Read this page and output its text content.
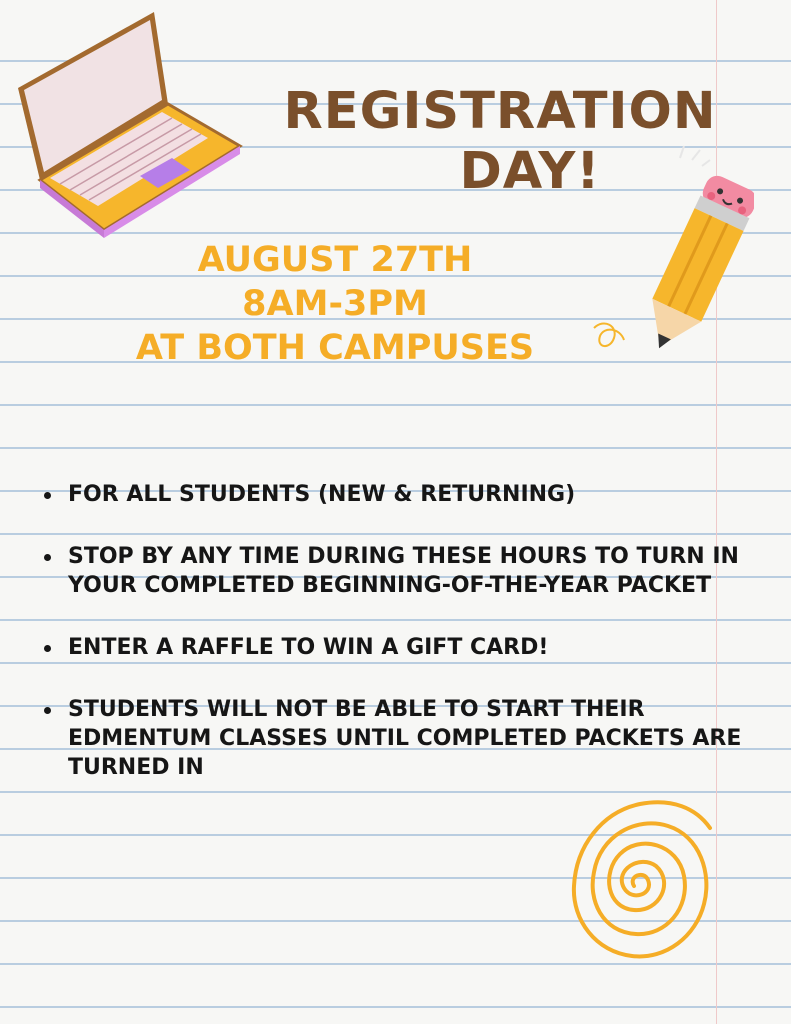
REGISTRATION
DAY!
AUGUST 27TH
8AM-3PM
AT BOTH CAMPUSES
FOR ALL STUDENTS (NEW & RETURNING)
STOP BY ANY TIME DURING THESE HOURS TO TURN IN YOUR COMPLETED BEGINNING-OF-THE-YEAR PACKET
ENTER A RAFFLE TO WIN A GIFT CARD!
STUDENTS WILL NOT BE ABLE TO START THEIR EDMENTUM CLASSES UNTIL COMPLETED PACKETS ARE TURNED IN
